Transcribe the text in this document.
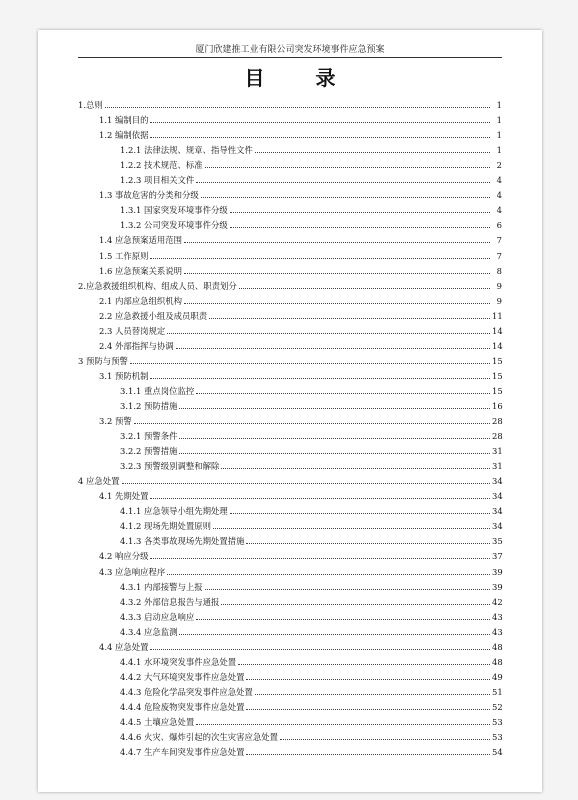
厦门欣建推工业有限公司突发环境事件应急预案
目 录
1.总则	1
1.1 编制目的	1
1.2 编制依据	1
1.2.1 法律法规、规章、指导性文件	1
1.2.2 技术规范、标准	2
1.2.3 项目相关文件	4
1.3 事故危害的分类和分级	4
1.3.1 国家突发环境事件分级	4
1.3.2 公司突发环境事件分级	6
1.4 应急预案适用范围	7
1.5 工作原则	7
1.6 应急预案关系说明	8
2.应急救援组织机构、组成人员、职责划分	9
2.1 内部应急组织机构	9
2.2 应急救援小组及成员职责	11
2.3 人员替岗规定	14
2.4 外部指挥与协调	14
3 预防与预警	15
3.1 预防机制	15
3.1.1 重点岗位监控	15
3.1.2 预防措施	16
3.2 预警	28
3.2.1 预警条件	28
3.2.2 预警措施	31
3.2.3 预警级别调整和解除	31
4 应急处置	34
4.1 先期处置	34
4.1.1 应急领导小组先期处理	34
4.1.2 现场先期处置原则	34
4.1.3 各类事故现场先期处置措施	35
4.2 响应分级	37
4.3 应急响应程序	39
4.3.1 内部接警与上报	39
4.3.2 外部信息报告与通报	42
4.3.3 启动应急响应	43
4.3.4 应急监测	43
4.4 应急处置	48
4.4.1 水环境突发事件应急处置	48
4.4.2 大气环境突发事件应急处置	49
4.4.3 危险化学品突发事件应急处置	51
4.4.4 危险废物突发事件应急处置	52
4.4.5 土壤应急处置	53
4.4.6 火灾、爆炸引起的次生灾害应急处置	53
4.4.7 生产车间突发事件应急处置	54
